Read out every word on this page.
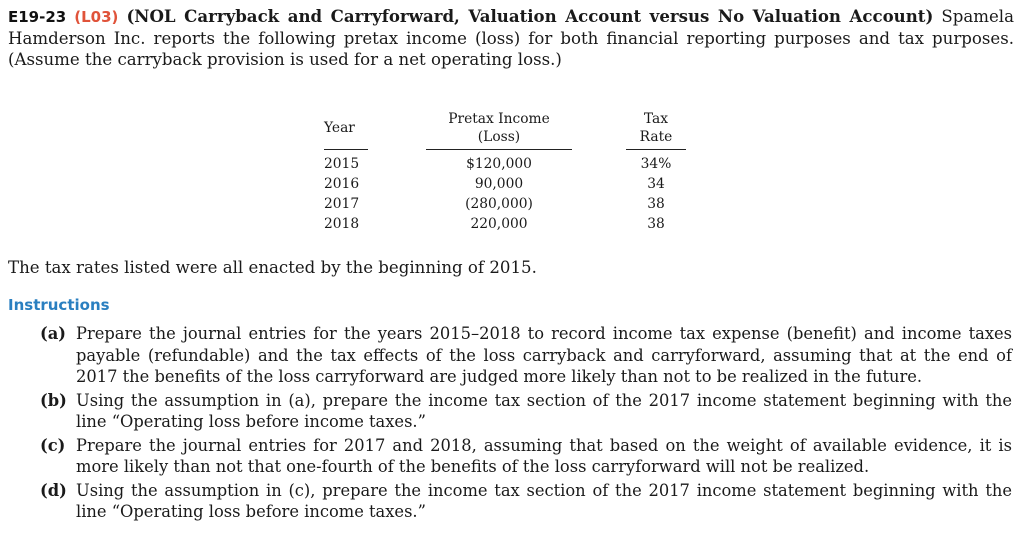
E19-23 (L03) (NOL Carryback and Carryforward, Valuation Account versus No Valuation Account) Spamela Hamderson Inc. reports the following pretax income (loss) for both financial reporting purposes and tax purposes. (Assume the carryback provision is used for a net operating loss.)
Year		Pretax Income (Loss)		Tax Rate
2015		$120,000		34%
2016		90,000		34
2017		(280,000)		38
2018		220,000		38
The tax rates listed were all enacted by the beginning of 2015.
Instructions
(a) Prepare the journal entries for the years 2015–2018 to record income tax expense (benefit) and income taxes payable (refundable) and the tax effects of the loss carryback and carryforward, assuming that at the end of 2017 the benefits of the loss carryforward are judged more likely than not to be realized in the future.
(b) Using the assumption in (a), prepare the income tax section of the 2017 income statement beginning with the line “Operating loss before income taxes.”
(c) Prepare the journal entries for 2017 and 2018, assuming that based on the weight of available evidence, it is more likely than not that one-fourth of the benefits of the loss carryforward will not be realized.
(d) Using the assumption in (c), prepare the income tax section of the 2017 income statement beginning with the line “Operating loss before income taxes.”
